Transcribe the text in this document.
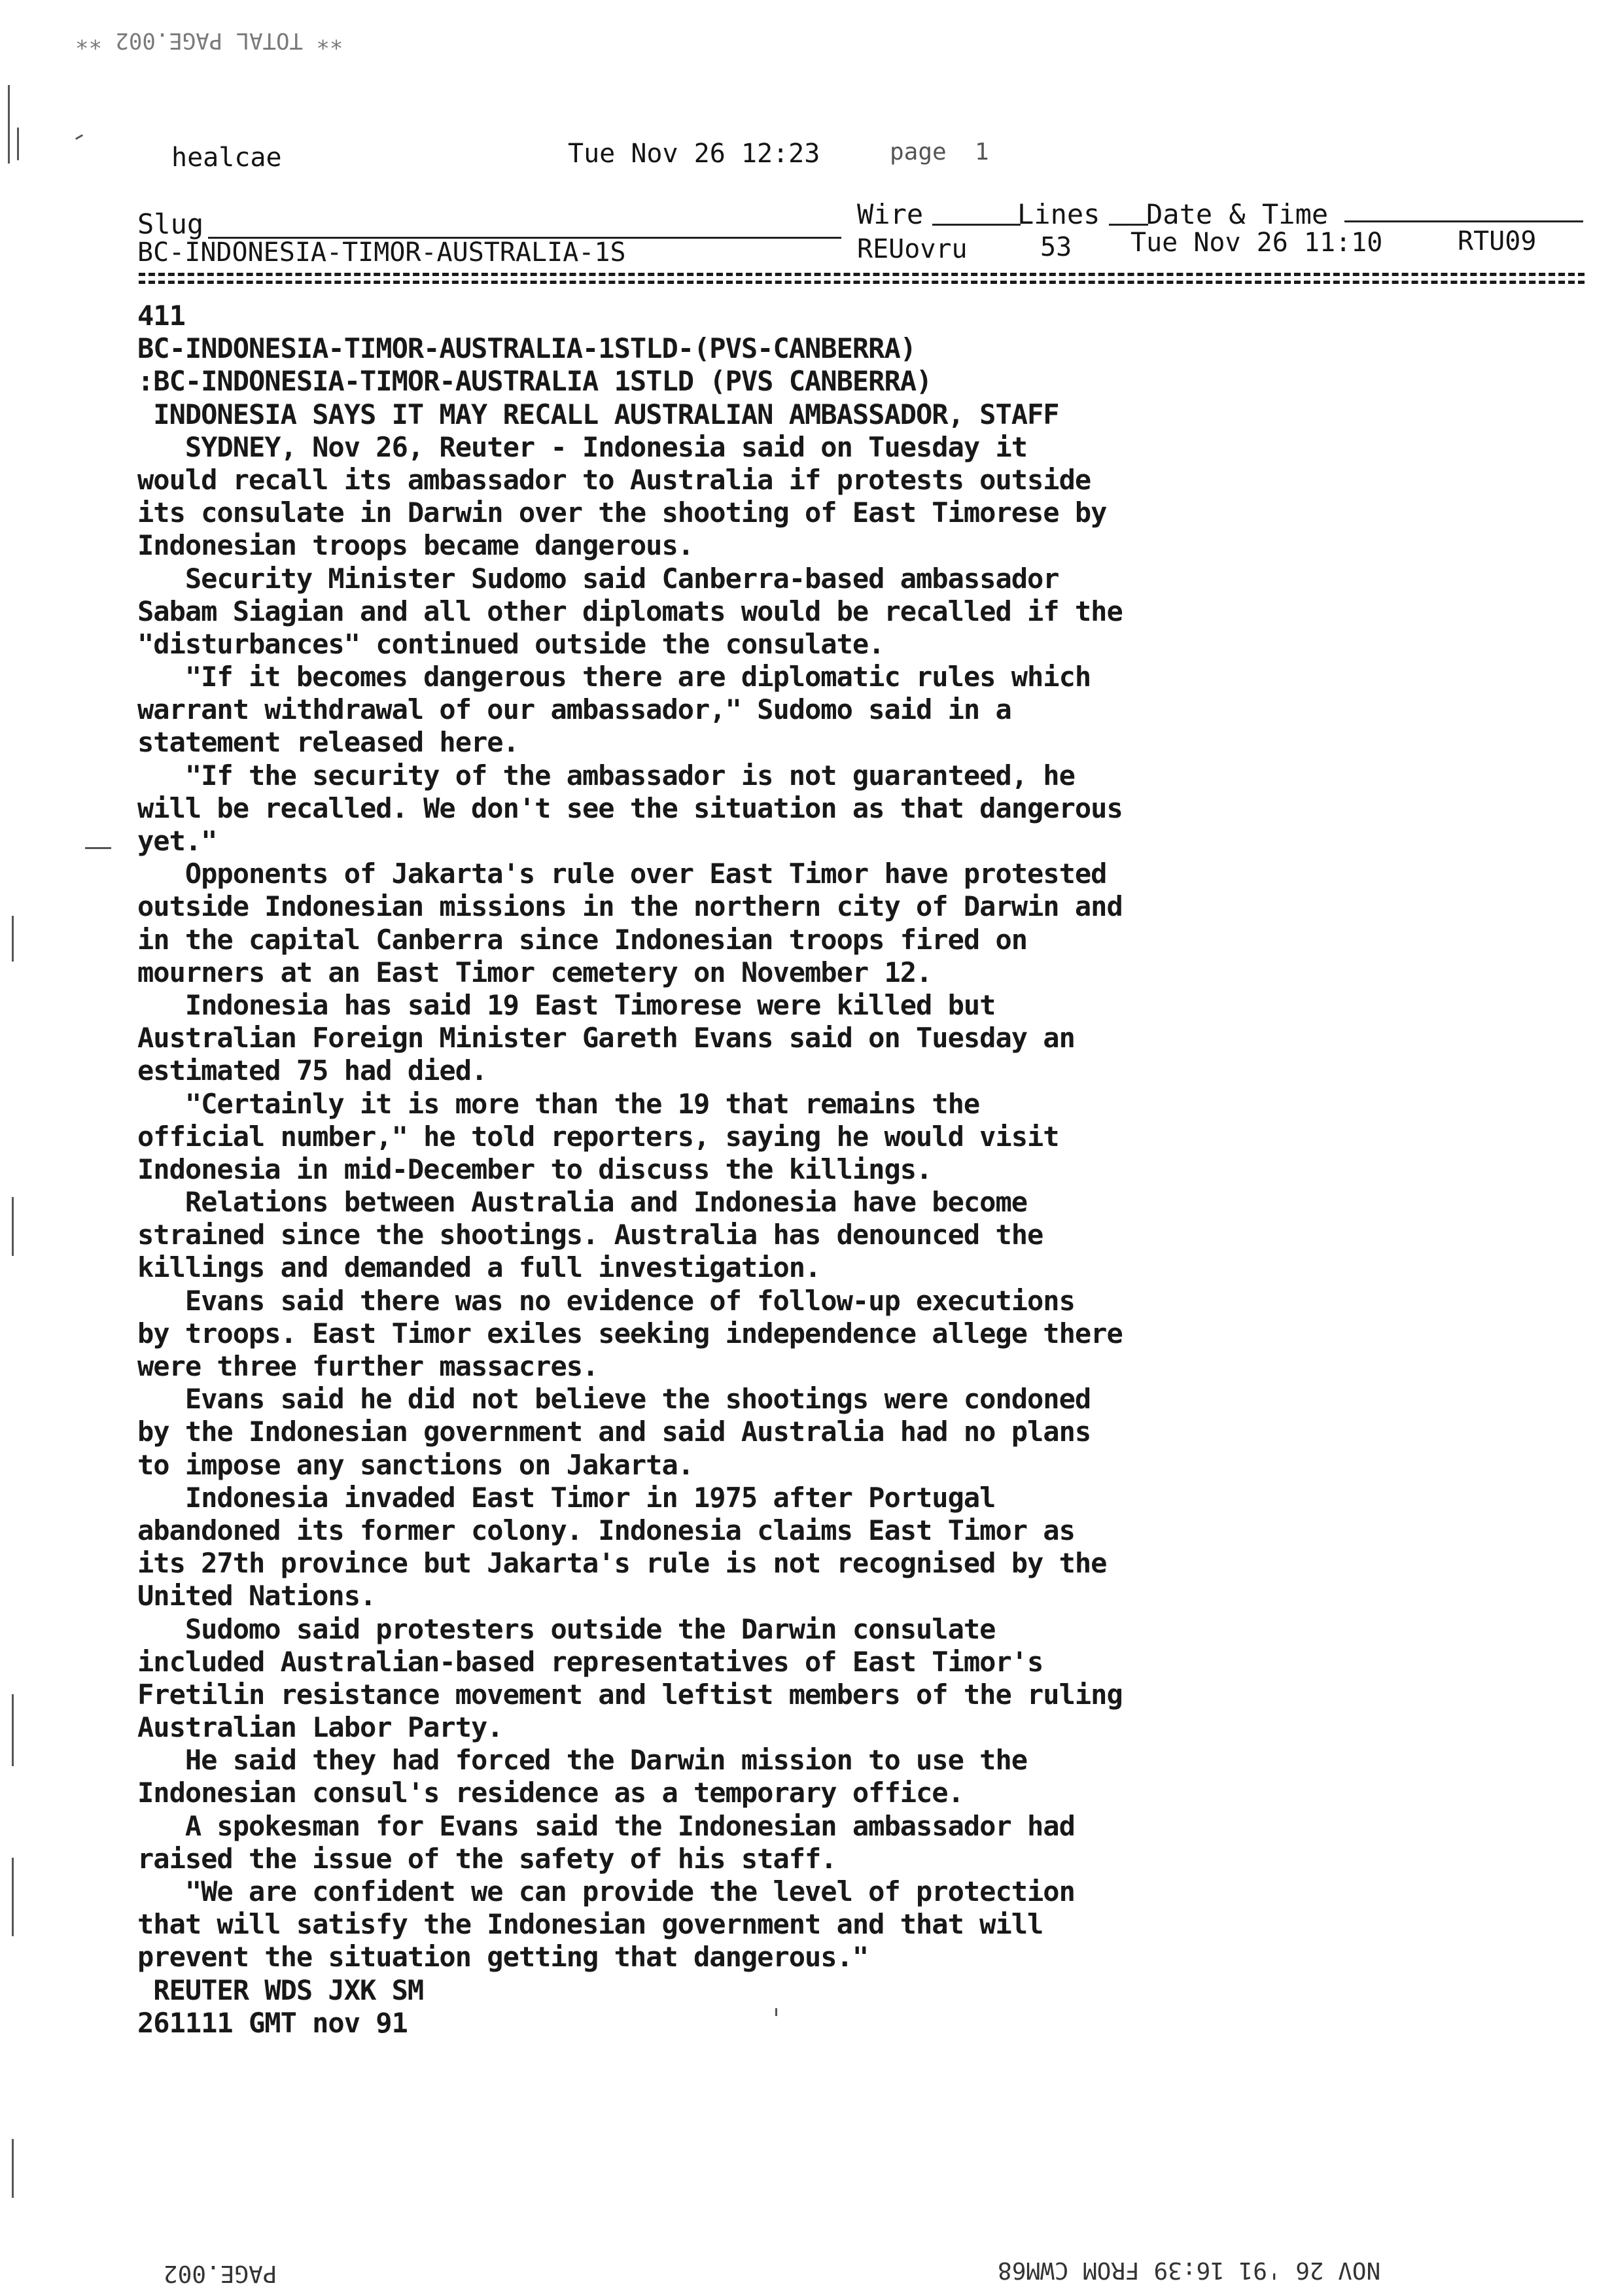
** TOTAL PAGE.002 **
healcae	Tue Nov 26 12:23	page  1
Slug	Wire	Lines Date & Time
BC-INDONESIA-TIMOR-AUSTRALIA-1S	REUovru	53 Tue Nov 26 11:10	RTU09
411
BC-INDONESIA-TIMOR-AUSTRALIA-1STLD-(PVS-CANBERRA)
:BC-INDONESIA-TIMOR-AUSTRALIA 1STLD (PVS CANBERRA)
INDONESIA SAYS IT MAY RECALL AUSTRALIAN AMBASSADOR, STAFF
SYDNEY, Nov 26, Reuter - Indonesia said on Tuesday it
would recall its ambassador to Australia if protests outside
its consulate in Darwin over the shooting of East Timorese by
Indonesian troops became dangerous.
Security Minister Sudomo said Canberra-based ambassador
Sabam Siagian and all other diplomats would be recalled if the
"disturbances" continued outside the consulate.
"If it becomes dangerous there are diplomatic rules which
warrant withdrawal of our ambassador," Sudomo said in a
statement released here.
"If the security of the ambassador is not guaranteed, he
will be recalled. We don't see the situation as that dangerous
yet."
Opponents of Jakarta's rule over East Timor have protested
outside Indonesian missions in the northern city of Darwin and
in the capital Canberra since Indonesian troops fired on
mourners at an East Timor cemetery on November 12.
Indonesia has said 19 East Timorese were killed but
Australian Foreign Minister Gareth Evans said on Tuesday an
estimated 75 had died.
"Certainly it is more than the 19 that remains the
official number," he told reporters, saying he would visit
Indonesia in mid-December to discuss the killings.
Relations between Australia and Indonesia have become
strained since the shootings. Australia has denounced the
killings and demanded a full investigation.
Evans said there was no evidence of follow-up executions
by troops. East Timor exiles seeking independence allege there
were three further massacres.
Evans said he did not believe the shootings were condoned
by the Indonesian government and said Australia had no plans
to impose any sanctions on Jakarta.
Indonesia invaded East Timor in 1975 after Portugal
abandoned its former colony. Indonesia claims East Timor as
its 27th province but Jakarta's rule is not recognised by the
United Nations.
Sudomo said protesters outside the Darwin consulate
included Australian-based representatives of East Timor's
Fretilin resistance movement and leftist members of the ruling
Australian Labor Party.
He said they had forced the Darwin mission to use the
Indonesian consul's residence as a temporary office.
A spokesman for Evans said the Indonesian ambassador had
raised the issue of the safety of his staff.
"We are confident we can provide the level of protection
that will satisfy the Indonesian government and that will
prevent the situation getting that dangerous."
REUTER WDS JXK SM
261111 GMT nov 91
PAGE.002	NOV 26 '91 16:39 FROM CWM68
